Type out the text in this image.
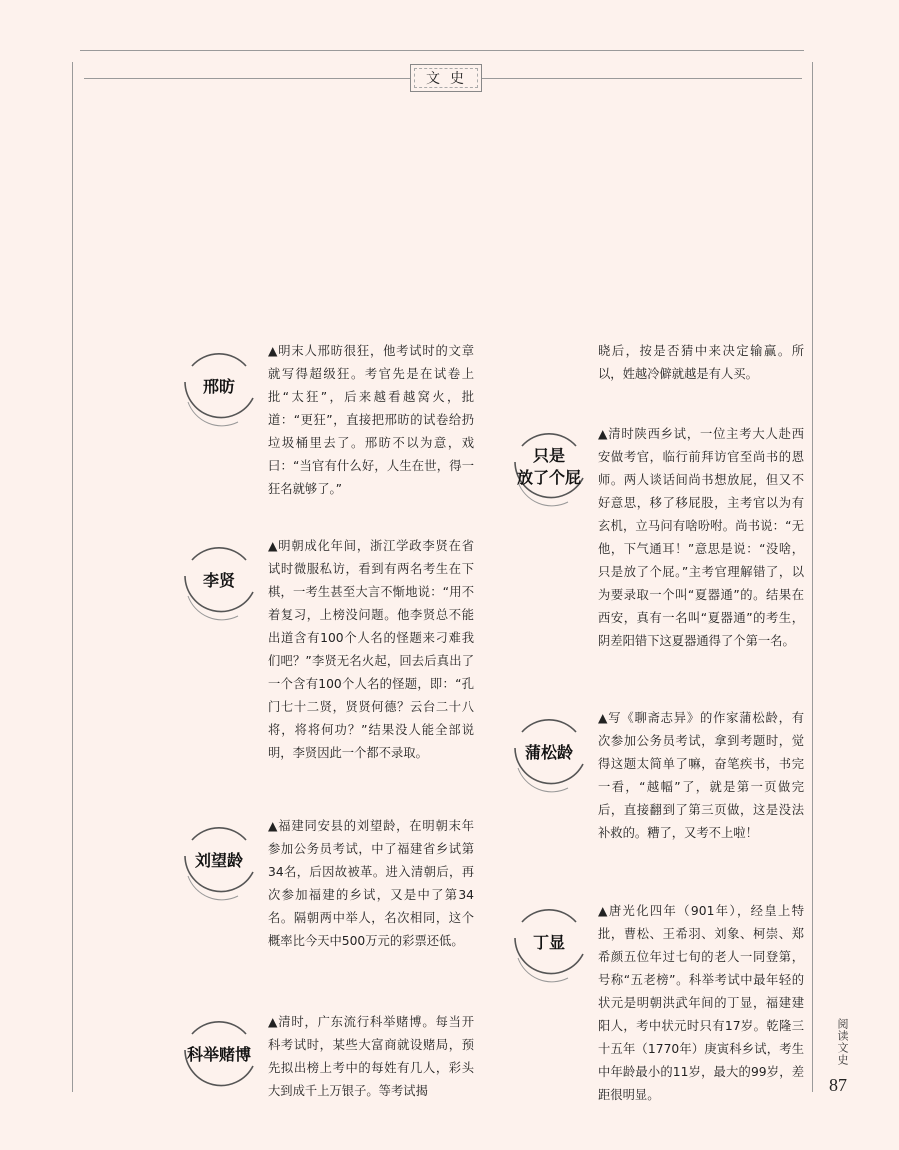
文史
邢昉
▲明末人邢昉很狂，他考试时的文章就写得超级狂。考官先是在试卷上批“太狂”，后来越看越窝火，批道：“更狂”，直接把邢昉的试卷给扔垃圾桶里去了。邢昉不以为意，戏曰：“当官有什么好，人生在世，得一狂名就够了。”
李贤
▲明朝成化年间，浙江学政李贤在省试时微服私访，看到有两名考生在下棋，一考生甚至大言不惭地说：“用不着复习，上榜没问题。他李贤总不能出道含有100个人名的怪题来刁难我们吧？”李贤无名火起，回去后真出了一个含有100个人名的怪题，即：“孔门七十二贤，贤贤何德？云台二十八将，将将何功？”结果没人能全部说明，李贤因此一个都不录取。
刘望龄
▲福建同安县的刘望龄，在明朝末年参加公务员考试，中了福建省乡试第34名，后因故被革。进入清朝后，再次参加福建的乡试，又是中了第34名。隔朝两中举人，名次相同，这个概率比今天中500万元的彩票还低。
科举赌博
▲清时，广东流行科举赌博。每当开科考试时，某些大富商就设赌局，预先拟出榜上考中的每姓有几人，彩头大到成千上万银子。等考试揭
晓后，按是否猜中来决定输赢。所以，姓越冷僻就越是有人买。
只是
放了个屁
▲清时陕西乡试，一位主考大人赴西安做考官，临行前拜访官至尚书的恩师。两人谈话间尚书想放屁，但又不好意思，移了移屁股，主考官以为有玄机，立马问有啥吩咐。尚书说：“无他，下气通耳！”意思是说：“没啥，只是放了个屁。”主考官理解错了，以为要录取一个叫“夏器通”的。结果在西安，真有一名叫“夏器通”的考生，阴差阳错下这夏器通得了个第一名。
蒲松龄
▲写《聊斋志异》的作家蒲松龄，有次参加公务员考试，拿到考题时，觉得这题太简单了嘛，奋笔疾书，书完一看，“越幅”了，就是第一页做完后，直接翻到了第三页做，这是没法补救的。糟了，又考不上啦！
丁显
▲唐光化四年（901年），经皇上特批，曹松、王希羽、刘象、柯崇、郑希颜五位年过七旬的老人一同登第，号称“五老榜”。科举考试中最年轻的状元是明朝洪武年间的丁显，福建建阳人，考中状元时只有17岁。乾隆三十五年（1770年）庚寅科乡试，考生中年龄最小的11岁，最大的99岁，差距很明显。
阅读文史
87
